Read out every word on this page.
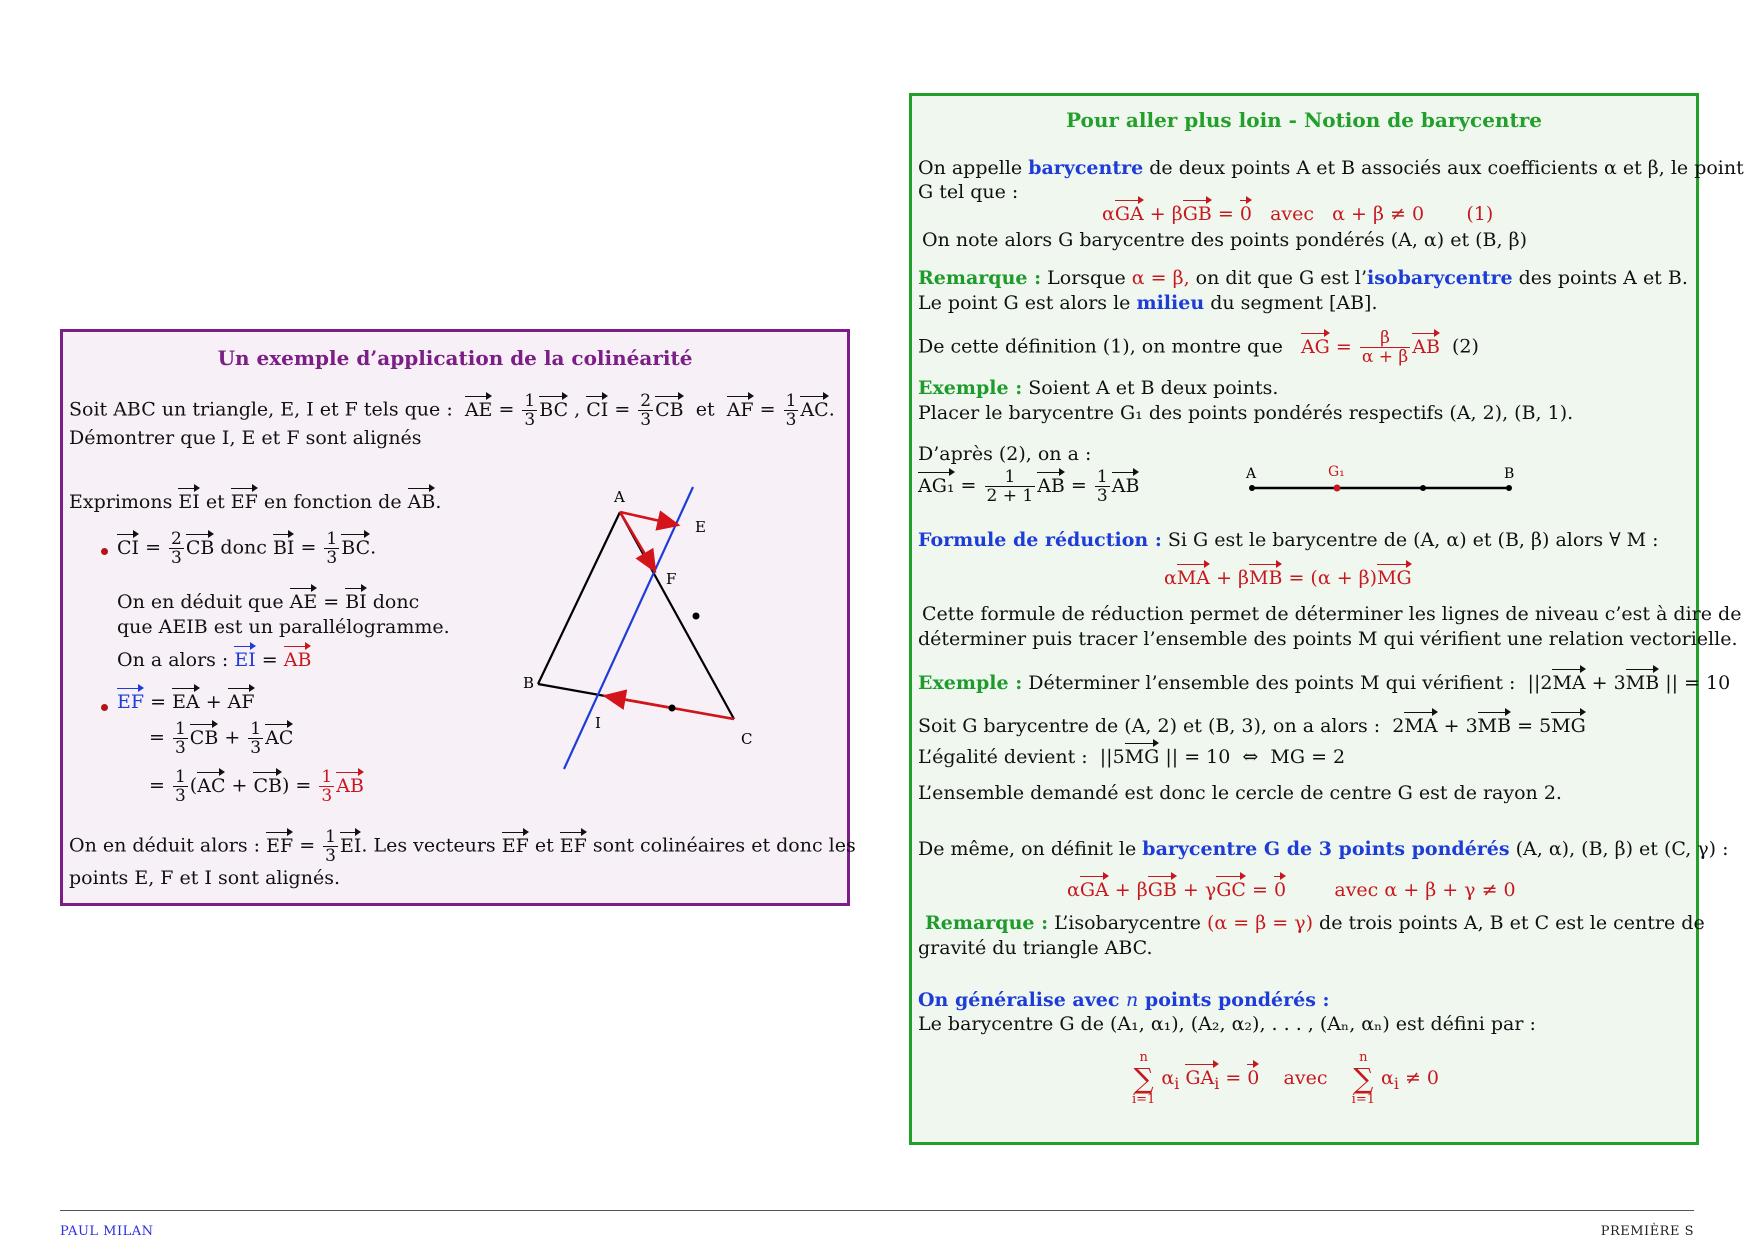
Un exemple d’application de la colinéarité
Soit ABC un triangle, E, I et F tels que : AE = $\frac{1}{3}$ BC , CI = $\frac{2}{3}$ CB et AF = $\frac{1}{3}$ AC.
Démontrer que I, E et F sont alignés
Exprimons EI et EF en fonction de AB.
CI = $\frac{2}{3}$ CB donc BI = $\frac{1}{3}$ BC.
On en déduit que AE = BI donc
que AEIB est un parallélogramme.
On a alors : EI = AB
EF = EA + AF
= $\frac{1}{3}$ CB + $\frac{1}{3}$ AC
= $\frac{1}{3} (AC + CB) = \frac{1}{3}$ AB
On en déduit alors : EF = $\frac{1}{3}$ EI. Les vecteurs EF et EF sont colinéaires et donc les
points E, F et I sont alignés.
A
B
C
E
F
I
Pour aller plus loin - Notion de barycentre
On appelle barycentre de deux points A et B associés aux coefficients α et β, le point
G tel que :
αGA + βGB = 0 avec   α + β ≠ 0       (1)
On note alors G barycentre des points pondérés (A, α) et (B, β)
Remarque : Lorsque α = β, on dit que G est l’isobarycentre des points A et B.
Le point G est alors le milieu du segment [AB].
De cette définition (1), on montre que AG = $\frac{\beta}{\alpha + \beta}$ AB (2)
Exemple : Soient A et B deux points.
Placer le barycentre G₁ des points pondérés respectifs (A, 2), (B, 1).
D’après (2), on a :
$AG_1 = \frac{1}{2 + 1}$ AB = $\frac{1}{3}$ AB
A	G₁	B
Formule de réduction : Si G est le barycentre de (A, α) et (B, β) alors ∀ M :
αMA + βMB = (α + β)MG
Cette formule de réduction permet de déterminer les lignes de niveau c’est à dire de
déterminer puis tracer l’ensemble des points M qui vérifient une relation vectorielle.
Exemple : Déterminer l’ensemble des points M qui vérifient :  ||2MA + 3MB || = 10
Soit G barycentre de (A, 2) et (B, 3), on a alors :  2MA + 3MB = 5MG
L’égalité devient :  ||5MG || = 10  ⇔  MG = 2
L’ensemble demandé est donc le cercle de centre G est de rayon 2.
De même, on définit le barycentre G de 3 points pondérés (A, α), (B, β) et (C, γ) :
αGA + βGB + γGC = 0	avec α + β + γ ≠ 0
Remarque : L’isobarycentre (α = β = γ) de trois points A, B et C est le centre de
gravité du triangle ABC.
On généralise avec n points pondérés :
Le barycentre G de (A₁, α₁), (A₂, α₂), . . . , (Aₙ, αₙ) est défini par :
n
∑
i=1 $\alpha_i$ $GA_i = 0$ avec    n
∑
i=1 $\alpha_i \ne 0$
PAUL MILAN	PREMIÈRE S
